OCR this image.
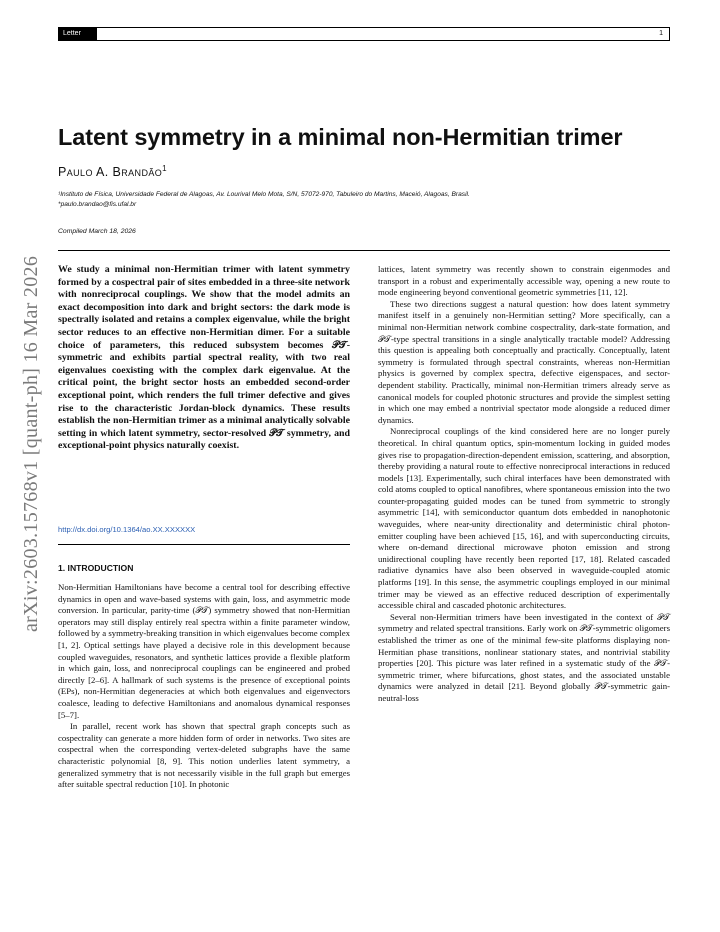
Letter	1
arXiv:2603.15768v1 [quant-ph] 16 Mar 2026
Latent symmetry in a minimal non-Hermitian trimer
Paulo A. Brandão$^1$
¹Instituto de Física, Universidade Federal de Alagoas, Av. Lourival Melo Mota, S/N, 57072-970, Tabuleiro do Martins, Maceió, Alagoas, Brasil.
*paulo.brandao@fis.ufal.br
Compiled March 18, 2026
We study a minimal non-Hermitian trimer with latent symmetry formed by a cospectral pair of sites embedded in a three-site network with nonreciprocal couplings. We show that the model admits an exact decomposition into dark and bright sectors: the dark mode is spectrally isolated and retains a complex eigenvalue, while the bright sector reduces to an effective non-Hermitian dimer. For a suitable choice of parameters, this reduced subsystem becomes 𝒫𝒯-symmetric and exhibits partial spectral reality, with two real eigenvalues coexisting with the complex dark eigenvalue. At the critical point, the bright sector hosts an embedded second-order exceptional point, which renders the full trimer defective and gives rise to the characteristic Jordan-block dynamics. These results establish the non-Hermitian trimer as a minimal analytically solvable setting in which latent symmetry, sector-resolved 𝒫𝒯 symmetry, and exceptional-point physics naturally coexist.
http://dx.doi.org/10.1364/ao.XX.XXXXXX
1. INTRODUCTION

Non-Hermitian Hamiltonians have become a central tool for describing effective dynamics in open and wave-based systems with gain, loss, and asymmetric mode conversion. In particular, parity-time (𝒫𝒯) symmetry showed that non-Hermitian operators may still display entirely real spectra within a finite parameter window, followed by a symmetry-breaking transition in which eigenvalues become complex [1, 2]. Optical settings have played a decisive role in this development because coupled waveguides, resonators, and synthetic lattices provide a flexible platform in which gain, loss, and nonreciprocal couplings can be engineered and probed directly [2–6]. A hallmark of such systems is the presence of exceptional points (EPs), non-Hermitian degeneracies at which both eigenvalues and eigenvectors coalesce, leading to defective Hamiltonians and anomalous dynamical responses [5–7].

In parallel, recent work has shown that spectral graph concepts such as cospectrality can generate a more hidden form of order in networks. Two sites are cospectral when the corresponding vertex-deleted subgraphs have the same characteristic polynomial [8, 9]. This notion underlies latent symmetry, a generalized symmetry that is not necessarily visible in the full graph but emerges after suitable spectral reduction [10]. In photonic

lattices, latent symmetry was recently shown to constrain eigenmodes and transport in a robust and experimentally accessible way, opening a new route to mode engineering beyond conventional geometric symmetries [11, 12].

These two directions suggest a natural question: how does latent symmetry manifest itself in a genuinely non-Hermitian setting? More specifically, can a minimal non-Hermitian network combine cospectrality, dark-state formation, and 𝒫𝒯-type spectral transitions in a single analytically tractable model? Addressing this question is appealing both conceptually and practically. Conceptually, latent symmetry is formulated through spectral constraints, whereas non-Hermitian physics is governed by complex spectra, defective eigenspaces, and sector-dependent stability. Practically, minimal non-Hermitian trimers already serve as canonical models for coupled photonic structures and provide the simplest setting in which one may embed a nontrivial spectator mode alongside a reduced dimer dynamics.

Nonreciprocal couplings of the kind considered here are no longer purely theoretical. In chiral quantum optics, spin-momentum locking in guided modes gives rise to propagation-direction-dependent emission, scattering, and absorption, thereby providing a natural route to effective nonreciprocal interactions in reduced models [13]. Experimentally, such chiral interfaces have been demonstrated with cold atoms coupled to optical nanofibres, where spontaneous emission into the two counter-propagating guided modes can be tuned from symmetric to strongly asymmetric [14], with semiconductor quantum dots embedded in nanophotonic waveguides, where near-unity directionality and deterministic chiral photon-emitter coupling have been achieved [15, 16], and with superconducting circuits, where on-demand directional microwave photon emission and strong unidirectional coupling have recently been reported [17, 18]. Related cascaded radiative dynamics have also been observed in waveguide-coupled atomic platforms [19]. In this sense, the asymmetric couplings employed in our minimal trimer may be viewed as an effective reduced description of experimentally accessible chiral and cascaded photonic architectures.

Several non-Hermitian trimers have been investigated in the context of 𝒫𝒯 symmetry and related spectral transitions. Early work on 𝒫𝒯-symmetric oligomers established the trimer as one of the minimal few-site platforms displaying non-Hermitian phase transitions, nonlinear stationary states, and nontrivial stability properties [20]. This picture was later refined in a systematic study of the 𝒫𝒯-symmetric trimer, where bifurcations, ghost states, and the associated unstable dynamics were analyzed in detail [21]. Beyond globally 𝒫𝒯-symmetric gain-neutral-loss
